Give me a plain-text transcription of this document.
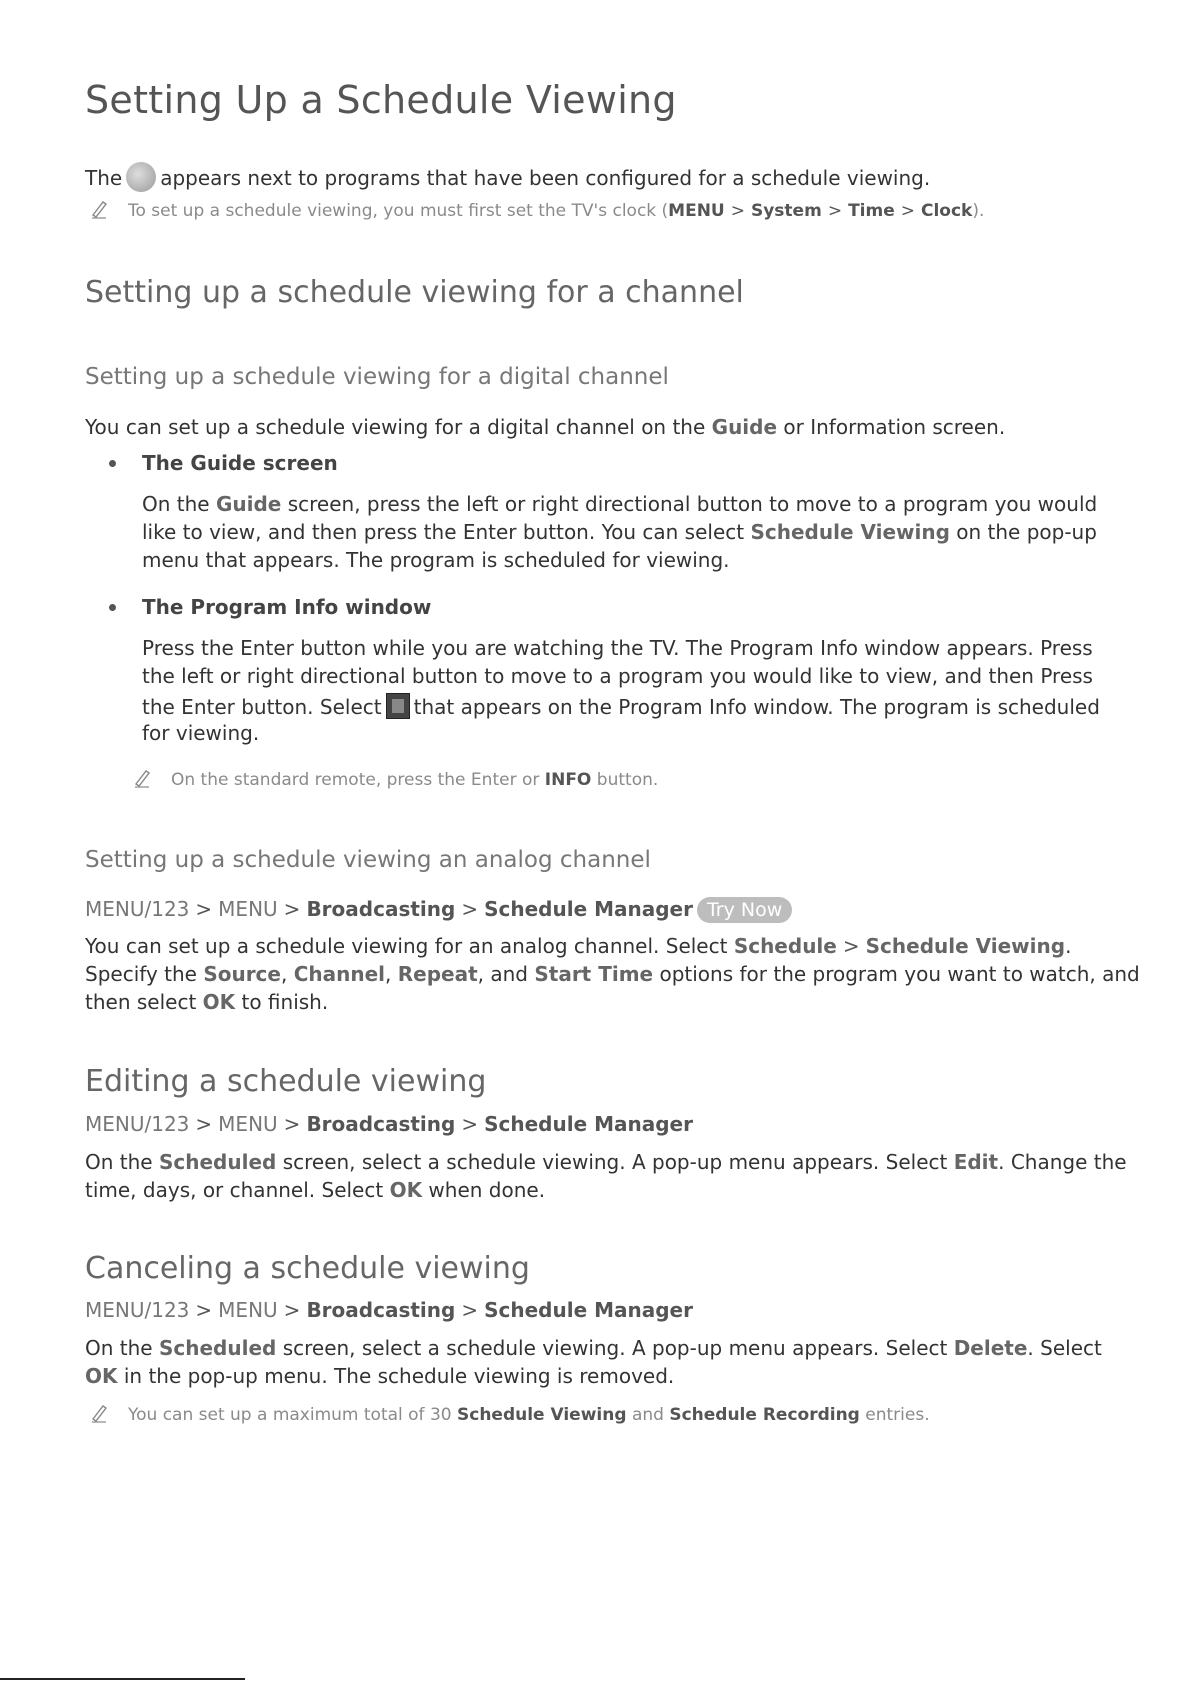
Setting Up a Schedule Viewing

The appears next to programs that have been configured for a schedule viewing.

To set up a schedule viewing, you must first set the TV's clock (MENU > System > Time > Clock).

Setting up a schedule viewing for a channel
Setting up a schedule viewing for a digital channel

You can set up a schedule viewing for a digital channel on the Guide or Information screen.

The Guide screen

On the Guide screen, press the left or right directional button to move to a program you would

like to view, and then press the Enter button. You can select Schedule Viewing on the pop-up

menu that appears. The program is scheduled for viewing.

The Program Info window

Press the Enter button while you are watching the TV. The Program Info window appears. Press

the left or right directional button to move to a program you would like to view, and then Press

the Enter button. Select that appears on the Program Info window. The program is scheduled

for viewing.

On the standard remote, press the Enter or INFO button.

Setting up a schedule viewing an analog channel

MENU/123 > MENU > Broadcasting > Schedule Manager Try Now

You can set up a schedule viewing for an analog channel. Select Schedule > Schedule Viewing.

Specify the Source, Channel, Repeat, and Start Time options for the program you want to watch, and

then select OK to finish.

Editing a schedule viewing

MENU/123 > MENU > Broadcasting > Schedule Manager

On the Scheduled screen, select a schedule viewing. A pop-up menu appears. Select Edit. Change the

time, days, or channel. Select OK when done.

Canceling a schedule viewing

MENU/123 > MENU > Broadcasting > Schedule Manager

On the Scheduled screen, select a schedule viewing. A pop-up menu appears. Select Delete. Select

OK in the pop-up menu. The schedule viewing is removed.

You can set up a maximum total of 30 Schedule Viewing and Schedule Recording entries.
